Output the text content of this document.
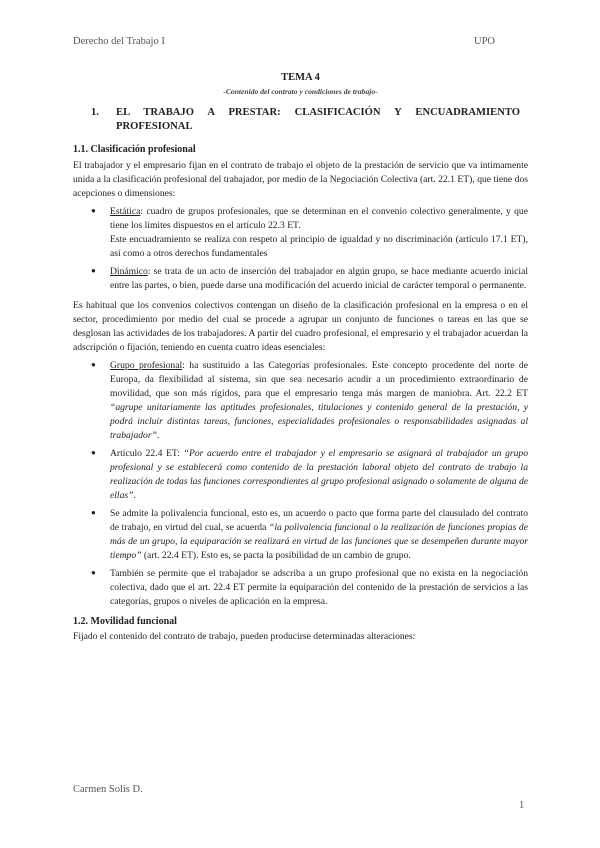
Derecho del Trabajo I	UPO

TEMA 4

-Contenido del contrato y condiciones de trabajo-

1.	EL TRABAJO A PRESTAR: CLASIFICACIÓN Y ENCUADRAMIENTO PROFESIONAL
1.1. Clasificación profesional

El trabajador y el empresario fijan en el contrato de trabajo el objeto de la prestación de servicio que va íntimamente unida a la clasificación profesional del trabajador, por medio de la Negociación Colectiva (art. 22.1 ET), que tiene dos acepciones o dimensiones:

● Estática: cuadro de grupos profesionales, que se determinan en el convenio colectivo generalmente, y que tiene los límites dispuestos en el artículo 22.3 ET.
Este encuadramiento se realiza con respeto al principio de igualdad y no discriminación (artículo 17.1 ET), así como a otros derechos fundamentales
● Dinámico: se trata de un acto de inserción del trabajador en algún grupo, se hace mediante acuerdo inicial entre las partes, o bien, puede darse una modificación del acuerdo inicial de carácter temporal o permanente.

Es habitual que los convenios colectivos contengan un diseño de la clasificación profesional en la empresa o en el sector, procedimiento por medio del cual se procede a agrupar un conjunto de funciones o tareas en las que se desglosan las actividades de los trabajadores. A partir del cuadro profesional, el empresario y el trabajador acuerdan la adscripción o fijación, teniendo en cuenta cuatro ideas esenciales:

● Grupo profesional: ha sustituido a las Categorías profesionales. Este concepto procedente del norte de Europa, da flexibilidad al sistema, sin que sea necesario acudir a un procedimiento extraordinario de movilidad, que son más rígidos, para que el empresario tenga más margen de maniobra. Art. 22.2 ET “agrupe unitariamente las aptitudes profesionales, titulaciones y contenido general de la prestación, y podrá incluir distintas tareas, funciones, especialidades profesionales o responsabilidades asignadas al trabajador”.
● Artículo 22.4 ET: “Por acuerdo entre el trabajador y el empresario se asignará al trabajador un grupo profesional y se establecerá como contenido de la prestación laboral objeto del contrato de trabajo la realización de todas las funciones correspondientes al grupo profesional asignado o solamente de alguna de ellas”.
● Se admite la polivalencia funcional, esto es, un acuerdo o pacto que forma parte del clausulado del contrato de trabajo, en virtud del cual, se acuerda “la polivalencia funcional o la realización de funciones propias de más de un grupo, la equiparación se realizará en virtud de las funciones que se desempeñen durante mayor tiempo” (art. 22.4 ET). Esto es, se pacta la posibilidad de un cambio de grupo.
● También se permite que el trabajador se adscriba a un grupo profesional que no exista en la negociación colectiva, dado que el art. 22.4 ET permite la equiparación del contenido de la prestación de servicios a las categorías, grupos o niveles de aplicación en la empresa.
1.2. Movilidad funcional

Fijado el contenido del contrato de trabajo, pueden producirse determinadas alteraciones:

Carmen Solís D.
1
